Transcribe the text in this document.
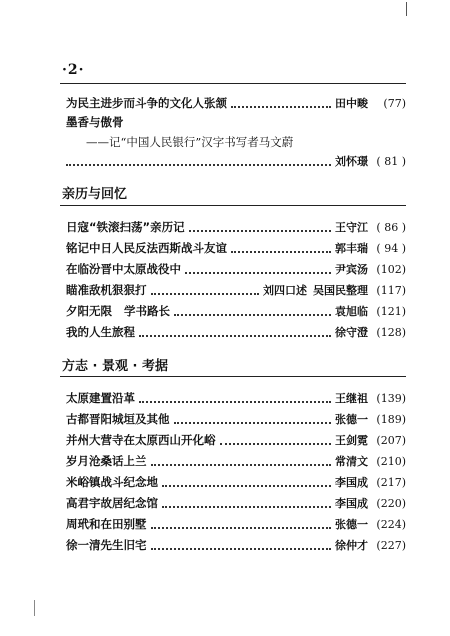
·2·
为民主进步而斗争的文化人张颔	田中畯	(77)
墨香与傲骨
——记“中国人民银行”汉字书写者马文蔚
刘怀璟 ( 81 )
亲历与回忆
日寇“铁滚扫荡”亲历记	王守江 ( 86 )
铭记中日人民反法西斯战斗友谊	郭丰瑞 ( 94 )
在临汾晋中太原战役中	尹宾汤 (102)
瞄准敌机狠狠打	刘四口述 吴国民整理 (117)
夕阳无限   学书路长	袁旭临 (121)
我的人生旅程	徐守澄 (128)
方志 · 景观 · 考据
太原建置沿革	王继祖 (139)
古都晋阳城垣及其他	张德一 (189)
并州大营寺在太原西山开化峪	王剑霓 (207)
岁月沧桑话上兰	常清文 (210)
米峪镇战斗纪念地	李国成 (217)
高君宇故居纪念馆	李国成 (220)
周玳和在田别墅	张德一 (224)
徐一清先生旧宅	徐仲才 (227)
